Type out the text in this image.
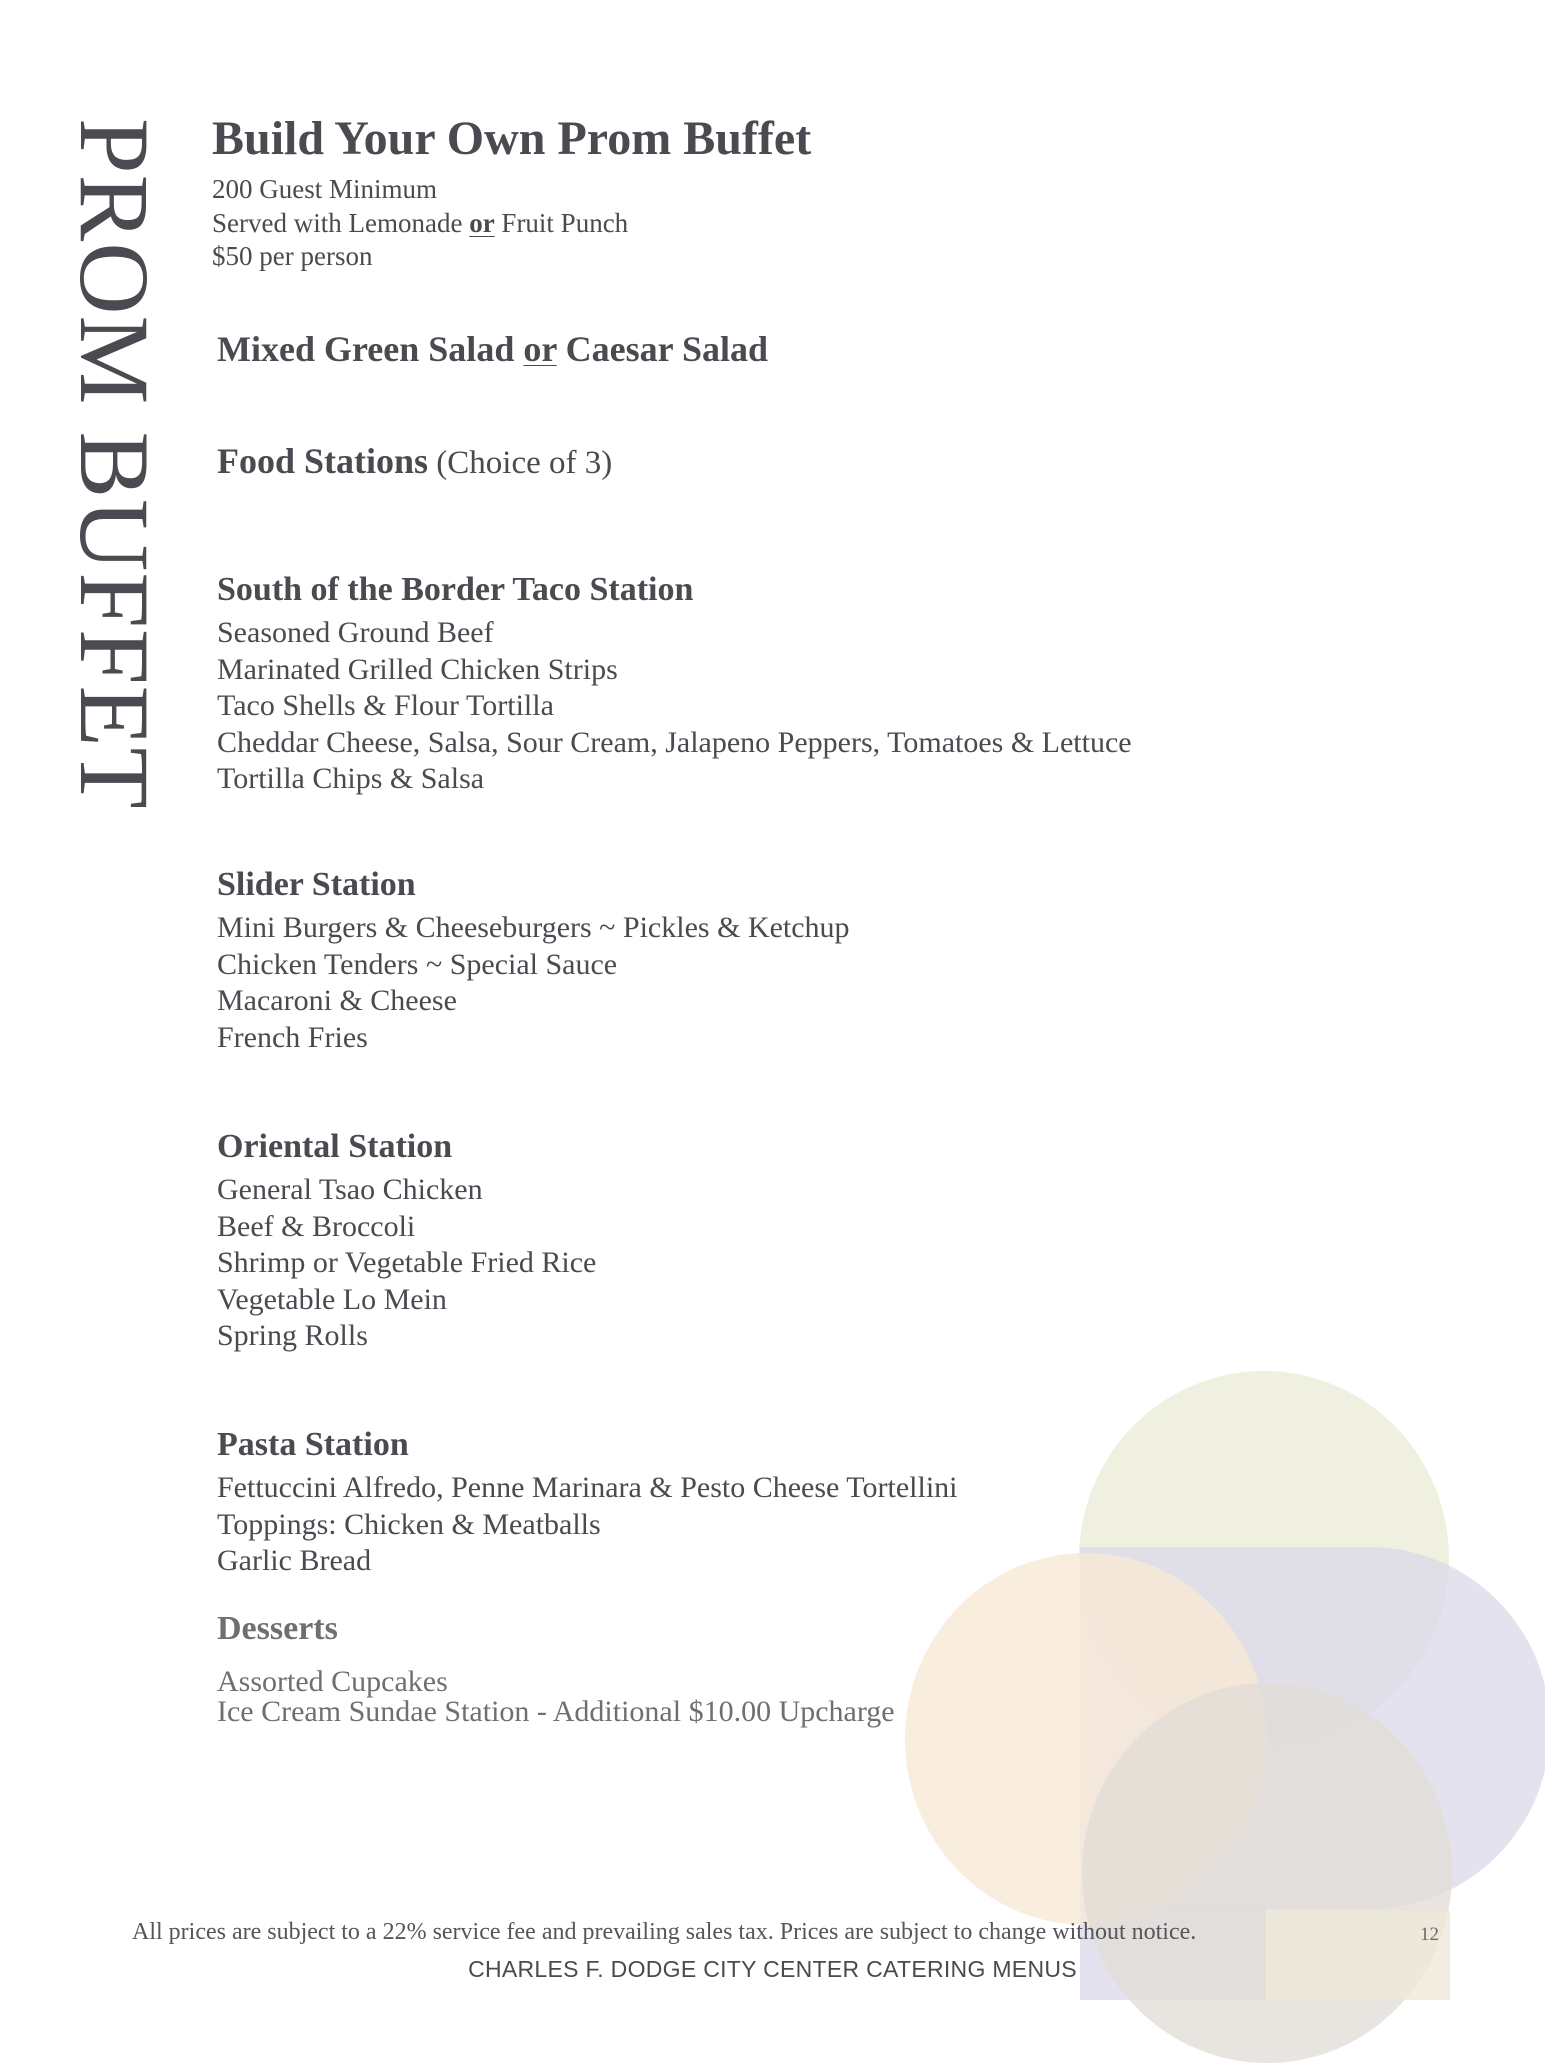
PROM BUFFET Build Your Own Prom Buffet
200 Guest Minimum
Served with Lemonade or Fruit Punch
$50 per person
Mixed Green Salad or Caesar Salad
Food Stations (Choice of 3)
South of the Border Taco Station
Seasoned Ground Beef
Marinated Grilled Chicken Strips
Taco Shells & Flour Tortilla
Cheddar Cheese, Salsa, Sour Cream, Jalapeno Peppers, Tomatoes & Lettuce
Tortilla Chips & Salsa
Slider Station
Mini Burgers & Cheeseburgers ~ Pickles & Ketchup
Chicken Tenders ~ Special Sauce
Macaroni & Cheese
French Fries
Oriental Station
General Tsao Chicken
Beef & Broccoli
Shrimp or Vegetable Fried Rice
Vegetable Lo Mein
Spring Rolls
Pasta Station
Fettuccini Alfredo, Penne Marinara & Pesto Cheese Tortellini
Toppings: Chicken & Meatballs
Garlic Bread
Desserts
Assorted Cupcakes
Ice Cream Sundae Station - Additional $10.00 Upcharge
All prices are subject to a 22% service fee and prevailing sales tax. Prices are subject to change without notice.	12
CHARLES F. DODGE CITY CENTER CATERING MENUS
